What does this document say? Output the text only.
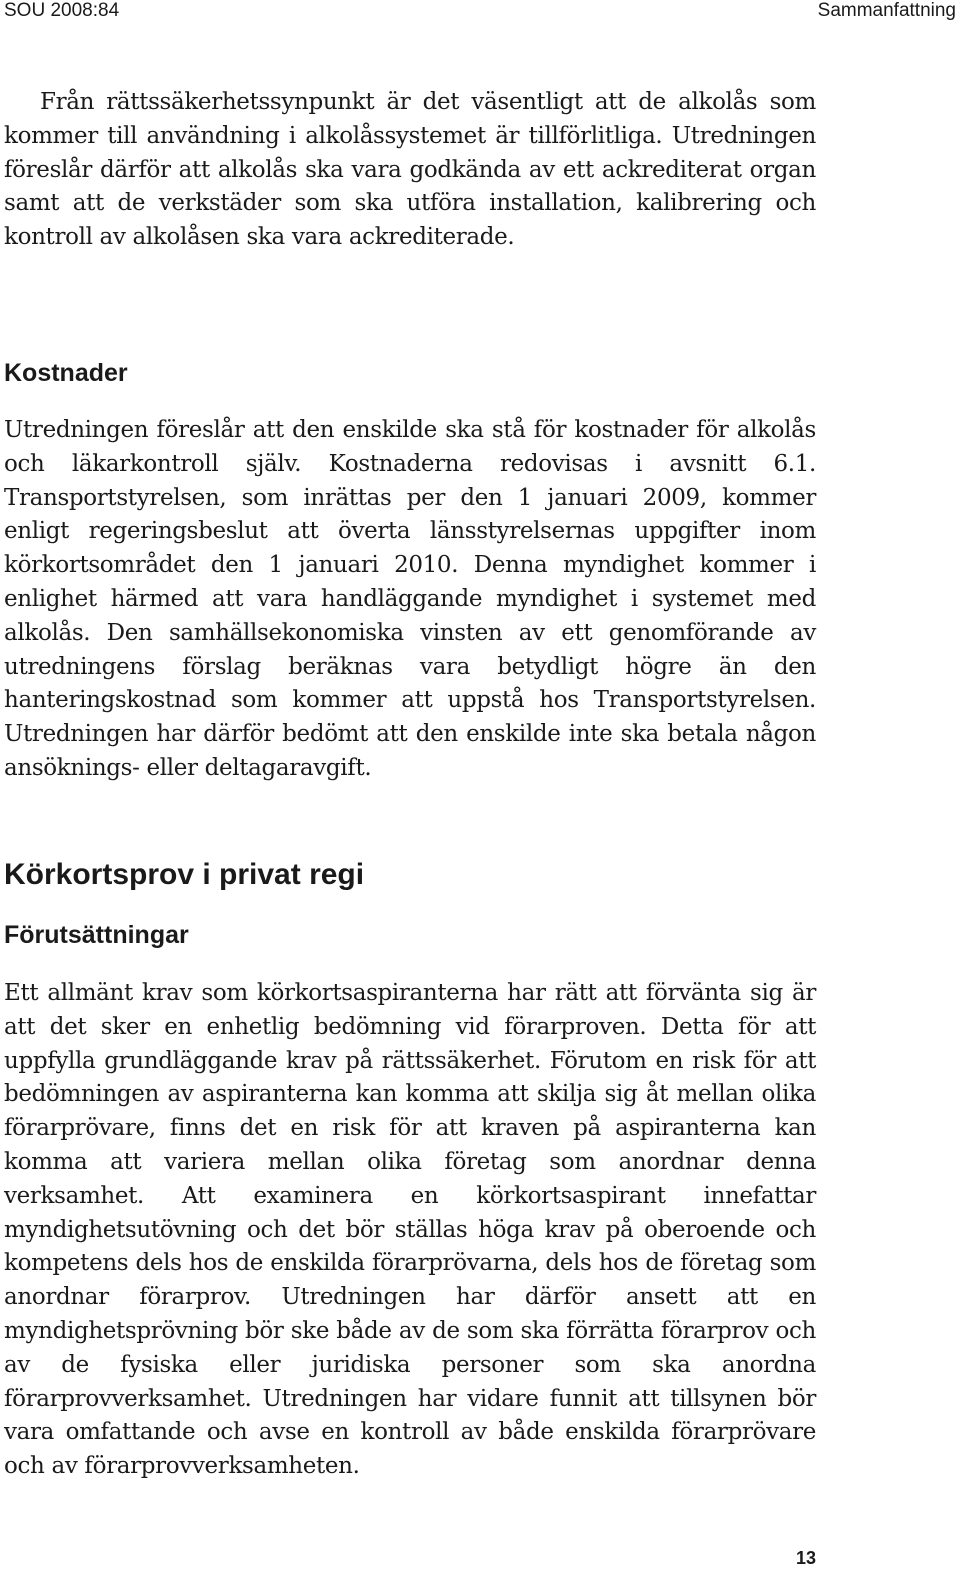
SOU 2008:84	Sammanfattning

Från rättssäkerhetssynpunkt är det väsentligt att de alkolås som kommer till användning i alkolåssystemet är tillförlitliga. Utredningen föreslår därför att alkolås ska vara godkända av ett ackrediterat organ samt att de verkstäder som ska utföra installation, kalibrering och kontroll av alkolåsen ska vara ackrediterade.

Kostnader

Utredningen föreslår att den enskilde ska stå för kostnader för alkolås och läkarkontroll själv. Kostnaderna redovisas i avsnitt 6.1. Transportstyrelsen, som inrättas per den 1 januari 2009, kommer enligt regeringsbeslut att överta länsstyrelsernas uppgifter inom körkortsområdet den 1 januari 2010. Denna myndighet kommer i enlighet härmed att vara handläggande myndighet i systemet med alkolås. Den samhällsekonomiska vinsten av ett genomförande av utredningens förslag beräknas vara betydligt högre än den hanteringskostnad som kommer att uppstå hos Transportstyrelsen. Utredningen har därför bedömt att den enskilde inte ska betala någon ansöknings- eller deltagaravgift.

Körkortsprov i privat regi
Förutsättningar

Ett allmänt krav som körkortsaspiranterna har rätt att förvänta sig är att det sker en enhetlig bedömning vid förarproven. Detta för att uppfylla grundläggande krav på rättssäkerhet. Förutom en risk för att bedömningen av aspiranterna kan komma att skilja sig åt mellan olika förarprövare, finns det en risk för att kraven på aspiranterna kan komma att variera mellan olika företag som anordnar denna verksamhet. Att examinera en körkortsaspirant innefattar myndighetsutövning och det bör ställas höga krav på oberoende och kompetens dels hos de enskilda förarprövarna, dels hos de företag som anordnar förarprov. Utredningen har därför ansett att en myndighetsprövning bör ske både av de som ska förrätta förarprov och av de fysiska eller juridiska personer som ska anordna förarprovverksamhet. Utredningen har vidare funnit att tillsynen bör vara omfattande och avse en kontroll av både enskilda förarprövare och av förarprovverksamheten.

13
